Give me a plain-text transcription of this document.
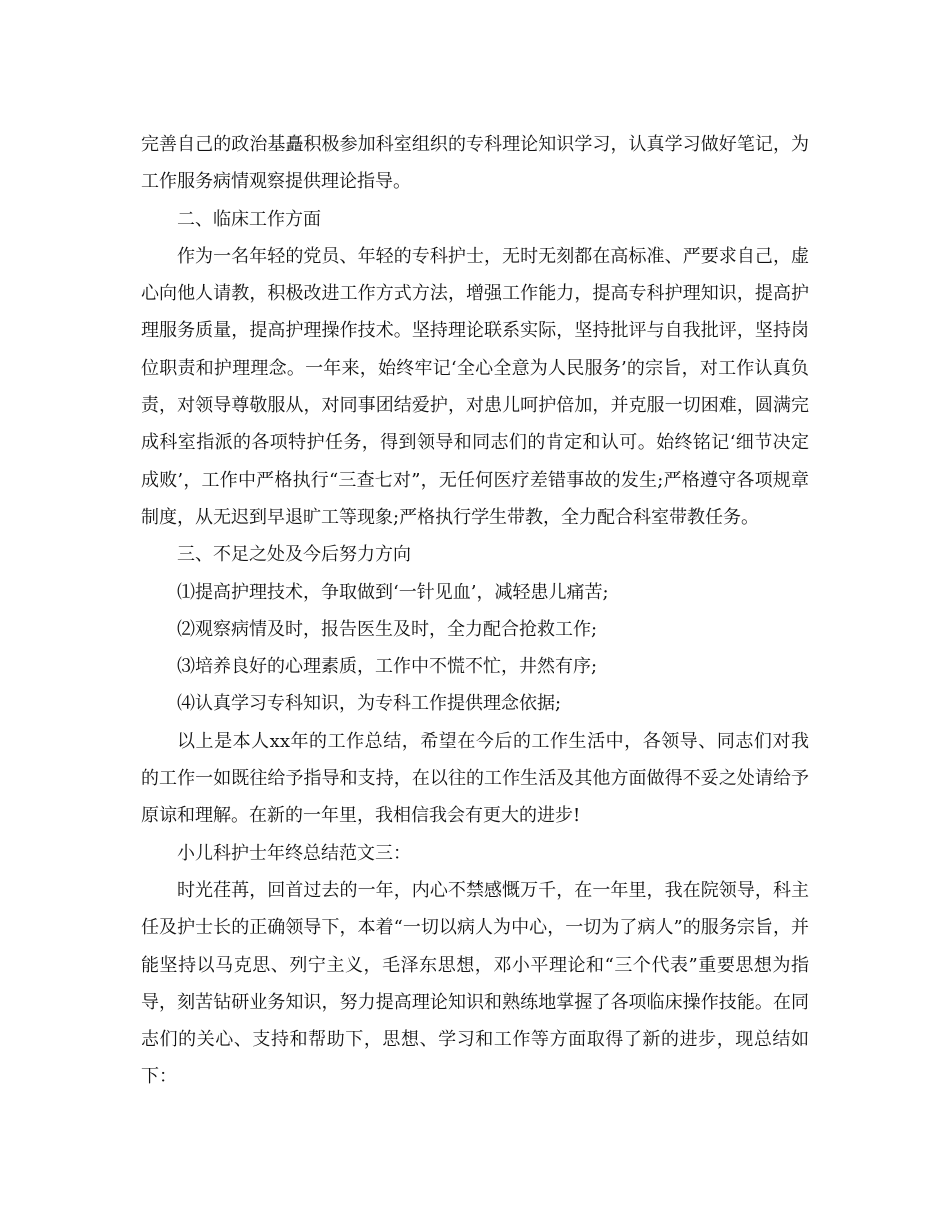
完善自己的政治基矗积极参加科室组织的专科理论知识学习，认真学习做好笔记，为工作服务病情观察提供理论指导。

二、临床工作方面

作为一名年轻的党员、年轻的专科护士，无时无刻都在高标准、严要求自己，虚心向他人请教，积极改进工作方式方法，增强工作能力，提高专科护理知识，提高护理服务质量，提高护理操作技术。坚持理论联系实际，坚持批评与自我批评，坚持岗位职责和护理理念。一年来，始终牢记‘全心全意为人民服务’的宗旨，对工作认真负责，对领导尊敬服从，对同事团结爱护，对患儿呵护倍加，并克服一切困难，圆满完成科室指派的各项特护任务，得到领导和同志们的肯定和认可。始终铭记‘细节决定成败’，工作中严格执行“三查七对”，无任何医疗差错事故的发生;严格遵守各项规章制度，从无迟到早退旷工等现象;严格执行学生带教，全力配合科室带教任务。

三、不足之处及今后努力方向

⑴提高护理技术，争取做到‘一针见血’，减轻患儿痛苦;

⑵观察病情及时，报告医生及时，全力配合抢救工作;

⑶培养良好的心理素质，工作中不慌不忙，井然有序;

⑷认真学习专科知识，为专科工作提供理念依据;

以上是本人xx年的工作总结，希望在今后的工作生活中，各领导、同志们对我的工作一如既往给予指导和支持，在以往的工作生活及其他方面做得不妥之处请给予原谅和理解。在新的一年里，我相信我会有更大的进步!

小儿科护士年终总结范文三：

时光荏苒，回首过去的一年，内心不禁感慨万千，在一年里，我在院领导，科主任及护士长的正确领导下，本着“一切以病人为中心，一切为了病人”的服务宗旨，并能坚持以马克思、列宁主义，毛泽东思想，邓小平理论和“三个代表”重要思想为指导，刻苦钻研业务知识，努力提高理论知识和熟练地掌握了各项临床操作技能。在同志们的关心、支持和帮助下，思想、学习和工作等方面取得了新的进步，现总结如下：
